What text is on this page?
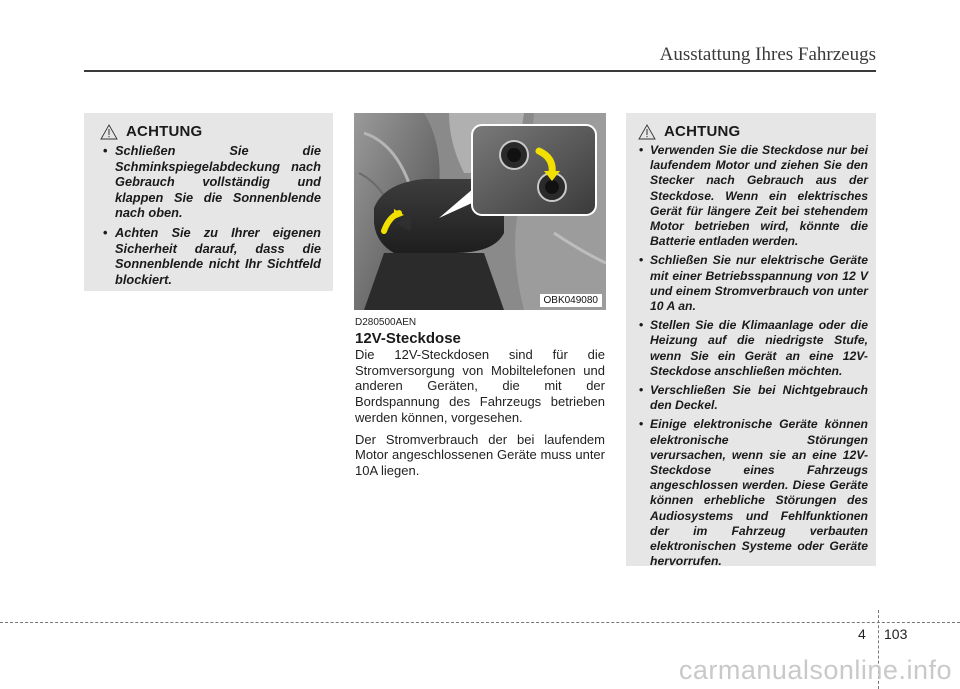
Ausstattung Ihres Fahrzeugs
ACHTUNG
• Schließen Sie die Schminkspiegelabdeckung nach Gebrauch vollständig und klappen Sie die Sonnenblende nach oben.
• Achten Sie zu Ihrer eigenen Sicherheit darauf, dass die Sonnenblende nicht Ihr Sichtfeld blockiert.
OBK049080
D280500AEN
12V-Steckdose

Die 12V-Steckdosen sind für die Stromversorgung von Mobiltelefonen und anderen Geräten, die mit der Bordspannung des Fahrzeugs betrieben werden können, vorgesehen.

Der Stromverbrauch der bei laufendem Motor angeschlossenen Geräte muss unter 10A liegen.

ACHTUNG
• Verwenden Sie die Steckdose nur bei laufendem Motor und ziehen Sie den Stecker nach Gebrauch aus der Steckdose. Wenn ein elektrisches Gerät für längere Zeit bei stehendem Motor betrieben wird, könnte die Batterie entladen werden.
• Schließen Sie nur elektrische Geräte mit einer Betriebsspannung von 12 V und einem Stromverbrauch von unter 10 A an.
• Stellen Sie die Klimaanlage oder die Heizung auf die niedrigste Stufe, wenn Sie ein Gerät an eine 12V-Steckdose anschließen möchten.
• Verschließen Sie bei Nichtgebrauch den Deckel.
• Einige elektronische Geräte können elektronische Störungen verursachen, wenn sie an eine 12V-Steckdose eines Fahrzeugs angeschlossen werden. Diese Geräte können erhebliche Störungen des Audiosystems und Fehlfunktionen der im Fahrzeug verbauten elektronischen Systeme oder Geräte hervorrufen.
4 103
carmanualsonline.info
